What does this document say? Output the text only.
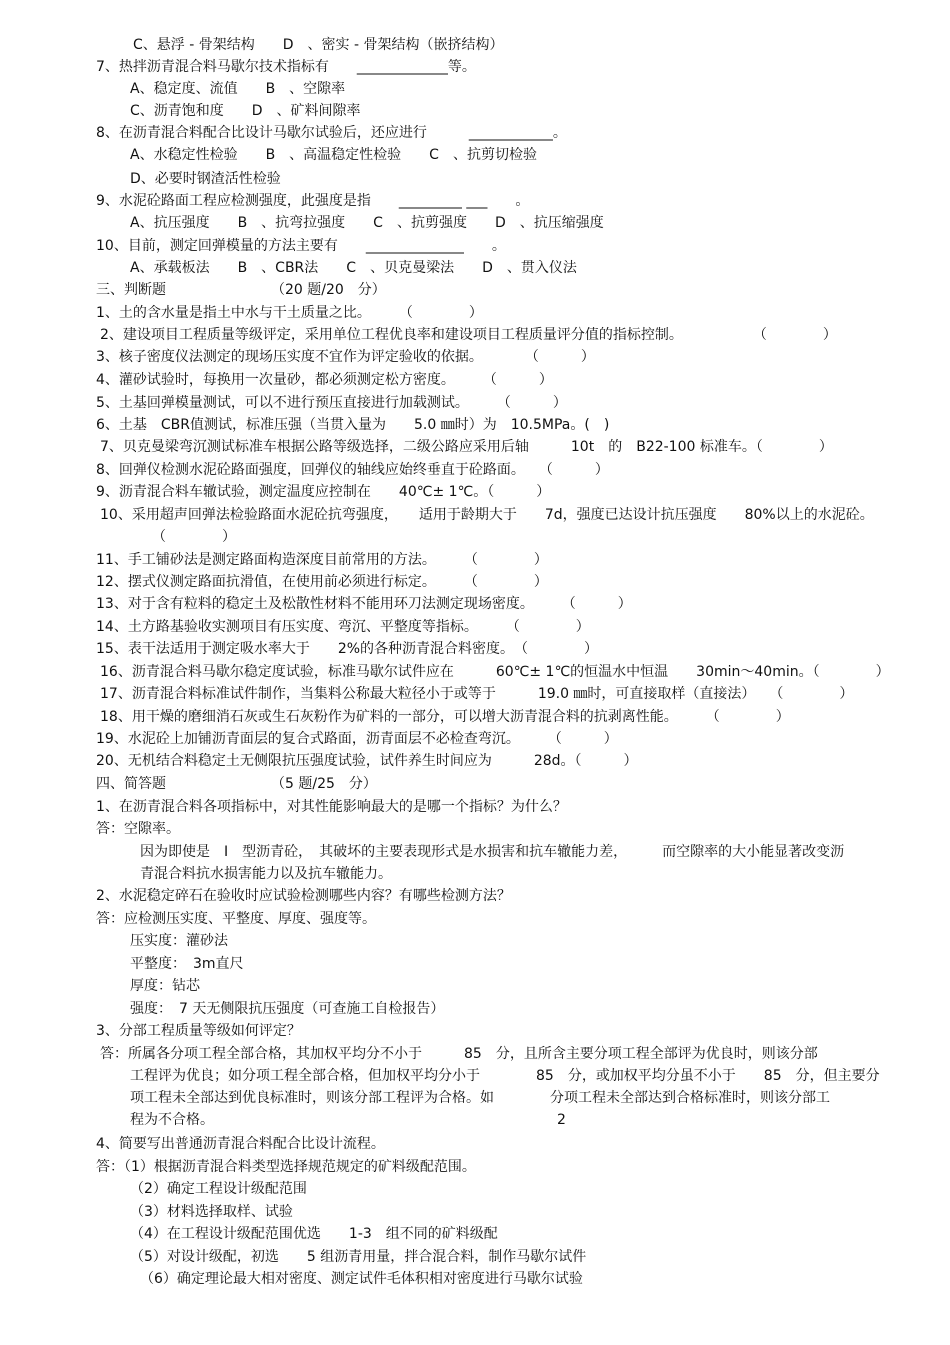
C、悬浮 - 骨架结构　　D　、密实 - 骨架结构（嵌挤结构）
7、热拌沥青混合料马歇尔技术指标有　　_____________等。
A、稳定度、流值　　B　、空隙率
C、沥青饱和度　　D　、矿料间隙率
8、在沥青混合料配合比设计马歇尔试验后，还应进行　　　____________。
A、水稳定性检验　　B　、高温稳定性检验　　C　、抗剪切检验
D、必要时钢渣活性检验
9、水泥砼路面工程应检测强度，此强度是指　　_________ ___　　。
A、抗压强度　　B　、抗弯拉强度　　C　、抗剪强度　　D　、抗压缩强度
10、目前，测定回弹模量的方法主要有　　______________　　。
A、承载板法　　B　、CBR法　　C　、贝克曼梁法　　D　、贯入仪法
三、判断题　　　　　　　　（20 题/20　分）
1、土的含水量是指土中水与干土质量之比。　　　（　　　　）
2、建设项目工程质量等级评定，采用单位工程优良率和建设项目工程质量评分值的指标控制。　　　　　　（　　　　）
3、核子密度仪法测定的现场压实度不宜作为评定验收的依据。　　　　（　　　）
4、灌砂试验时，每换用一次量砂，都必须测定松方密度。　　　（　　　）
5、土基回弹模量测试，可以不进行预压直接进行加载测试。　　　（　　　）
6、土基　CBR值测试，标准压强（当贯入量为　　5.0 ㎜时）为　10.5MPa。(　)
7、贝克曼梁弯沉测试标准车根据公路等级选择，二级公路应采用后轴　　　10t　的　B22-100 标准车。（　　　　）
8、回弹仪检测水泥砼路面强度，回弹仪的轴线应始终垂直于砼路面。　　（　　　）
9、沥青混合料车辙试验，测定温度应控制在　　40℃± 1℃。（　　　）
10、采用超声回弹法检验路面水泥砼抗弯强度，　　适用于龄期大于　　7d，强度已达设计抗压强度　　80%以上的水泥砼。
（　　　　）
11、手工铺砂法是测定路面构造深度目前常用的方法。　　　（　　　　）
12、摆式仪测定路面抗滑值，在使用前必须进行标定。　　　（　　　　）
13、对于含有粒料的稳定土及松散性材料不能用环刀法测定现场密度。　　　（　　　）
14、土方路基验收实测项目有压实度、弯沉、平整度等指标。　　　（　　　　）
15、表干法适用于测定吸水率大于　　2%的各种沥青混合料密度。　（　　　　）
16、沥青混合料马歇尔稳定度试验，标准马歇尔试件应在　　　60℃± 1℃的恒温水中恒温　　30min～40min。（　　　　）
17、沥青混合料标准试件制作，当集料公称最大粒径小于或等于　　　19.0 ㎜时，可直接取样（直接法）　　（　　　　）
18、用干燥的磨细消石灰或生石灰粉作为矿料的一部分，可以增大沥青混合料的抗剥离性能。　　　（　　　　）
19、水泥砼上加铺沥青面层的复合式路面，沥青面层不必检查弯沉。　　　（　　　）
20、无机结合料稳定土无侧限抗压强度试验，试件养生时间应为　　　28d。（　　　）
四、简答题　　　　　　　　（5 题/25　分）
1、在沥青混合料各项指标中，对其性能影响最大的是哪一个指标？为什么？
答：空隙率。
因为即使是　I　型沥青砼，　其破坏的主要表现形式是水损害和抗车辙能力差，　　　而空隙率的大小能显著改变沥
青混合料抗水损害能力以及抗车辙能力。
2、水泥稳定碎石在验收时应试验检测哪些内容？有哪些检测方法？
答：应检测压实度、平整度、厚度、强度等。
压实度：灌砂法
平整度：　3m直尺
厚度：钻芯
强度：　7 天无侧限抗压强度（可查施工自检报告）
3、分部工程质量等级如何评定？
答：所属各分项工程全部合格，其加权平均分不小于　　　85　分，且所含主要分项工程全部评为优良时，则该分部
工程评为优良；如分项工程全部合格，但加权平均分小于　　　　85　分，或加权平均分虽不小于　　85　分，但主要分
项工程未全部达到优良标准时，则该分部工程评为合格。如　　　　分项工程未全部达到合格标准时，则该分部工
程为不合格。	2
4、简要写出普通沥青混合料配合比设计流程。
答：（1）根据沥青混合料类型选择规范规定的矿料级配范围。
（2）确定工程设计级配范围
（3）材料选择取样、试验
（4）在工程设计级配范围优选　　1-3　组不同的矿料级配
（5）对设计级配，初选　　5 组沥青用量，拌合混合料，制作马歇尔试件
（6）确定理论最大相对密度、测定试件毛体积相对密度进行马歇尔试验
